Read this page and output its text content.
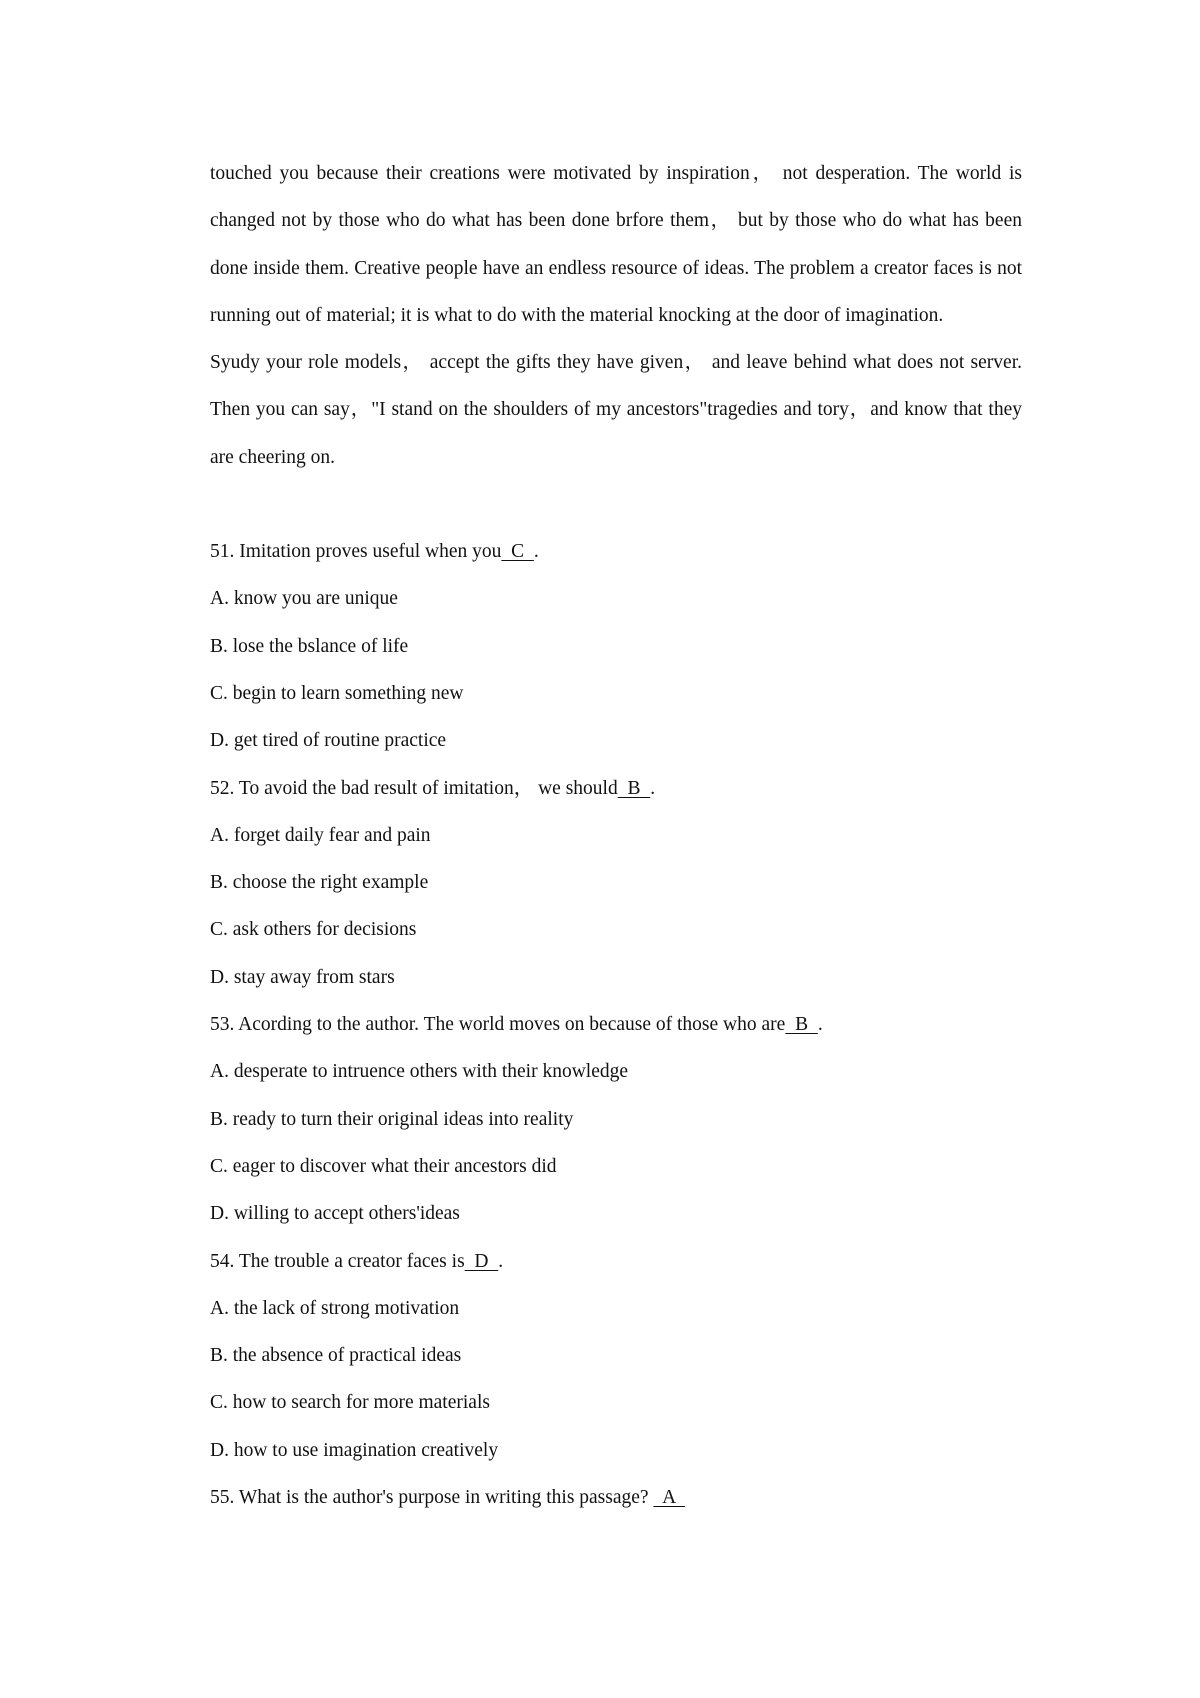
touched you because their creations were motivated by inspiration， not desperation. The world is changed not by those who do what has been done brfore them， but by those who do what has been done inside them. Creative people have an endless resource of ideas. The problem a creator faces is not running out of material; it is what to do with the material knocking at the door of imagination.

Syudy your role models， accept the gifts they have given， and leave behind what does not server. Then you can say，"I stand on the shoulders of my ancestors"tragedies and tory，and know that they are cheering on.

51. Imitation proves useful when you  C  .
A. know you are unique
B. lose the bslance of life
C. begin to learn something new
D. get tired of routine practice
52. To avoid the bad result of imitation， we should  B  .
A. forget daily fear and pain
B. choose the right example
C. ask others for decisions
D. stay away from stars
53. Acording to the author. The world moves on because of those who are  B  .
A. desperate to intruence others with their knowledge
B. ready to turn their original ideas into reality
C. eager to discover what their ancestors did
D. willing to accept others'ideas
54. The trouble a creator faces is  D  .
A. the lack of strong motivation
B. the absence of practical ideas
C. how to search for more materials
D. how to use imagination creatively
55. What is the author's purpose in writing this passage?   A
